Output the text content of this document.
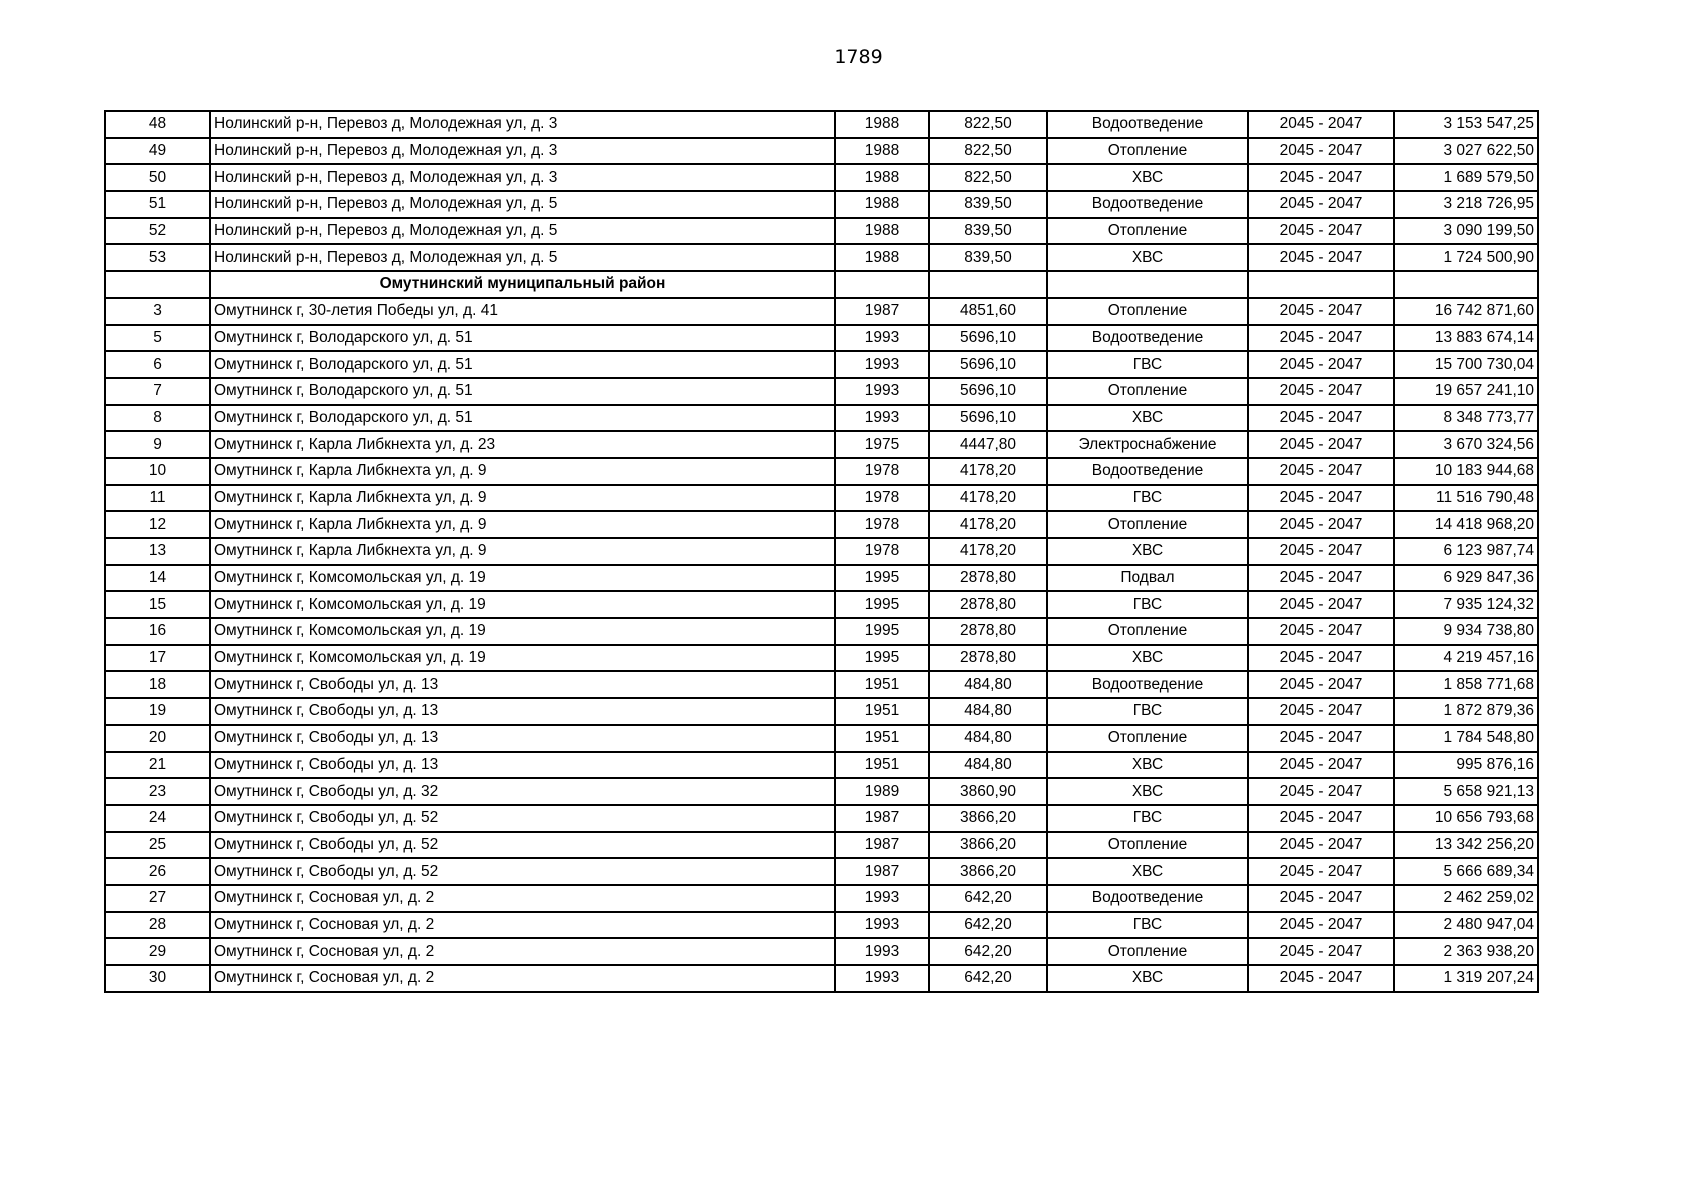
1789
48	Нолинский р-н, Перевоз д, Молодежная ул, д. 3	1988	822,50	Водоотведение	2045 - 2047	3 153 547,25
49	Нолинский р-н, Перевоз д, Молодежная ул, д. 3	1988	822,50	Отопление	2045 - 2047	3 027 622,50
50	Нолинский р-н, Перевоз д, Молодежная ул, д. 3	1988	822,50	ХВС	2045 - 2047	1 689 579,50
51	Нолинский р-н, Перевоз д, Молодежная ул, д. 5	1988	839,50	Водоотведение	2045 - 2047	3 218 726,95
52	Нолинский р-н, Перевоз д, Молодежная ул, д. 5	1988	839,50	Отопление	2045 - 2047	3 090 199,50
53	Нолинский р-н, Перевоз д, Молодежная ул, д. 5	1988	839,50	ХВС	2045 - 2047	1 724 500,90
	Омутнинский муниципальный район					
3	Омутнинск г, 30-летия Победы ул, д. 41	1987	4851,60	Отопление	2045 - 2047	16 742 871,60
5	Омутнинск г, Володарского ул, д. 51	1993	5696,10	Водоотведение	2045 - 2047	13 883 674,14
6	Омутнинск г, Володарского ул, д. 51	1993	5696,10	ГВС	2045 - 2047	15 700 730,04
7	Омутнинск г, Володарского ул, д. 51	1993	5696,10	Отопление	2045 - 2047	19 657 241,10
8	Омутнинск г, Володарского ул, д. 51	1993	5696,10	ХВС	2045 - 2047	8 348 773,77
9	Омутнинск г, Карла Либкнехта ул, д. 23	1975	4447,80	Электроснабжение	2045 - 2047	3 670 324,56
10	Омутнинск г, Карла Либкнехта ул, д. 9	1978	4178,20	Водоотведение	2045 - 2047	10 183 944,68
11	Омутнинск г, Карла Либкнехта ул, д. 9	1978	4178,20	ГВС	2045 - 2047	11 516 790,48
12	Омутнинск г, Карла Либкнехта ул, д. 9	1978	4178,20	Отопление	2045 - 2047	14 418 968,20
13	Омутнинск г, Карла Либкнехта ул, д. 9	1978	4178,20	ХВС	2045 - 2047	6 123 987,74
14	Омутнинск г, Комсомольская ул, д. 19	1995	2878,80	Подвал	2045 - 2047	6 929 847,36
15	Омутнинск г, Комсомольская ул, д. 19	1995	2878,80	ГВС	2045 - 2047	7 935 124,32
16	Омутнинск г, Комсомольская ул, д. 19	1995	2878,80	Отопление	2045 - 2047	9 934 738,80
17	Омутнинск г, Комсомольская ул, д. 19	1995	2878,80	ХВС	2045 - 2047	4 219 457,16
18	Омутнинск г, Свободы ул, д. 13	1951	484,80	Водоотведение	2045 - 2047	1 858 771,68
19	Омутнинск г, Свободы ул, д. 13	1951	484,80	ГВС	2045 - 2047	1 872 879,36
20	Омутнинск г, Свободы ул, д. 13	1951	484,80	Отопление	2045 - 2047	1 784 548,80
21	Омутнинск г, Свободы ул, д. 13	1951	484,80	ХВС	2045 - 2047	995 876,16
23	Омутнинск г, Свободы ул, д. 32	1989	3860,90	ХВС	2045 - 2047	5 658 921,13
24	Омутнинск г, Свободы ул, д. 52	1987	3866,20	ГВС	2045 - 2047	10 656 793,68
25	Омутнинск г, Свободы ул, д. 52	1987	3866,20	Отопление	2045 - 2047	13 342 256,20
26	Омутнинск г, Свободы ул, д. 52	1987	3866,20	ХВС	2045 - 2047	5 666 689,34
27	Омутнинск г, Сосновая ул, д. 2	1993	642,20	Водоотведение	2045 - 2047	2 462 259,02
28	Омутнинск г, Сосновая ул, д. 2	1993	642,20	ГВС	2045 - 2047	2 480 947,04
29	Омутнинск г, Сосновая ул, д. 2	1993	642,20	Отопление	2045 - 2047	2 363 938,20
30	Омутнинск г, Сосновая ул, д. 2	1993	642,20	ХВС	2045 - 2047	1 319 207,24
